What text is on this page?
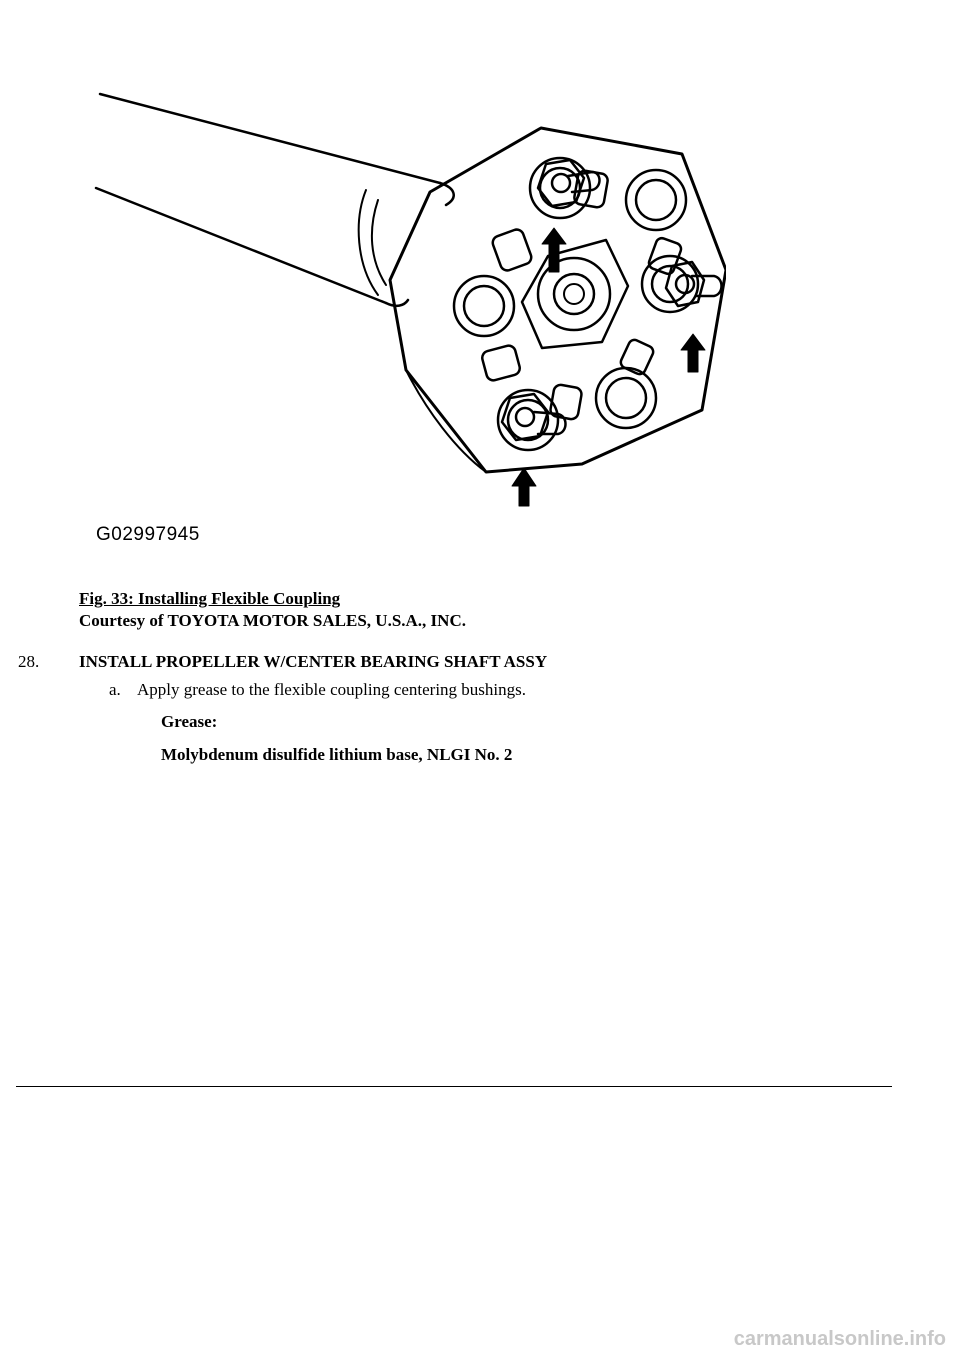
G02997945
Fig. 33: Installing Flexible Coupling
Courtesy of TOYOTA MOTOR SALES, U.S.A., INC.
28. INSTALL PROPELLER W/CENTER BEARING SHAFT ASSY
a. Apply grease to the flexible coupling centering bushings.
Grease:
Molybdenum disulfide lithium base, NLGI No. 2
carmanualsonline.info
